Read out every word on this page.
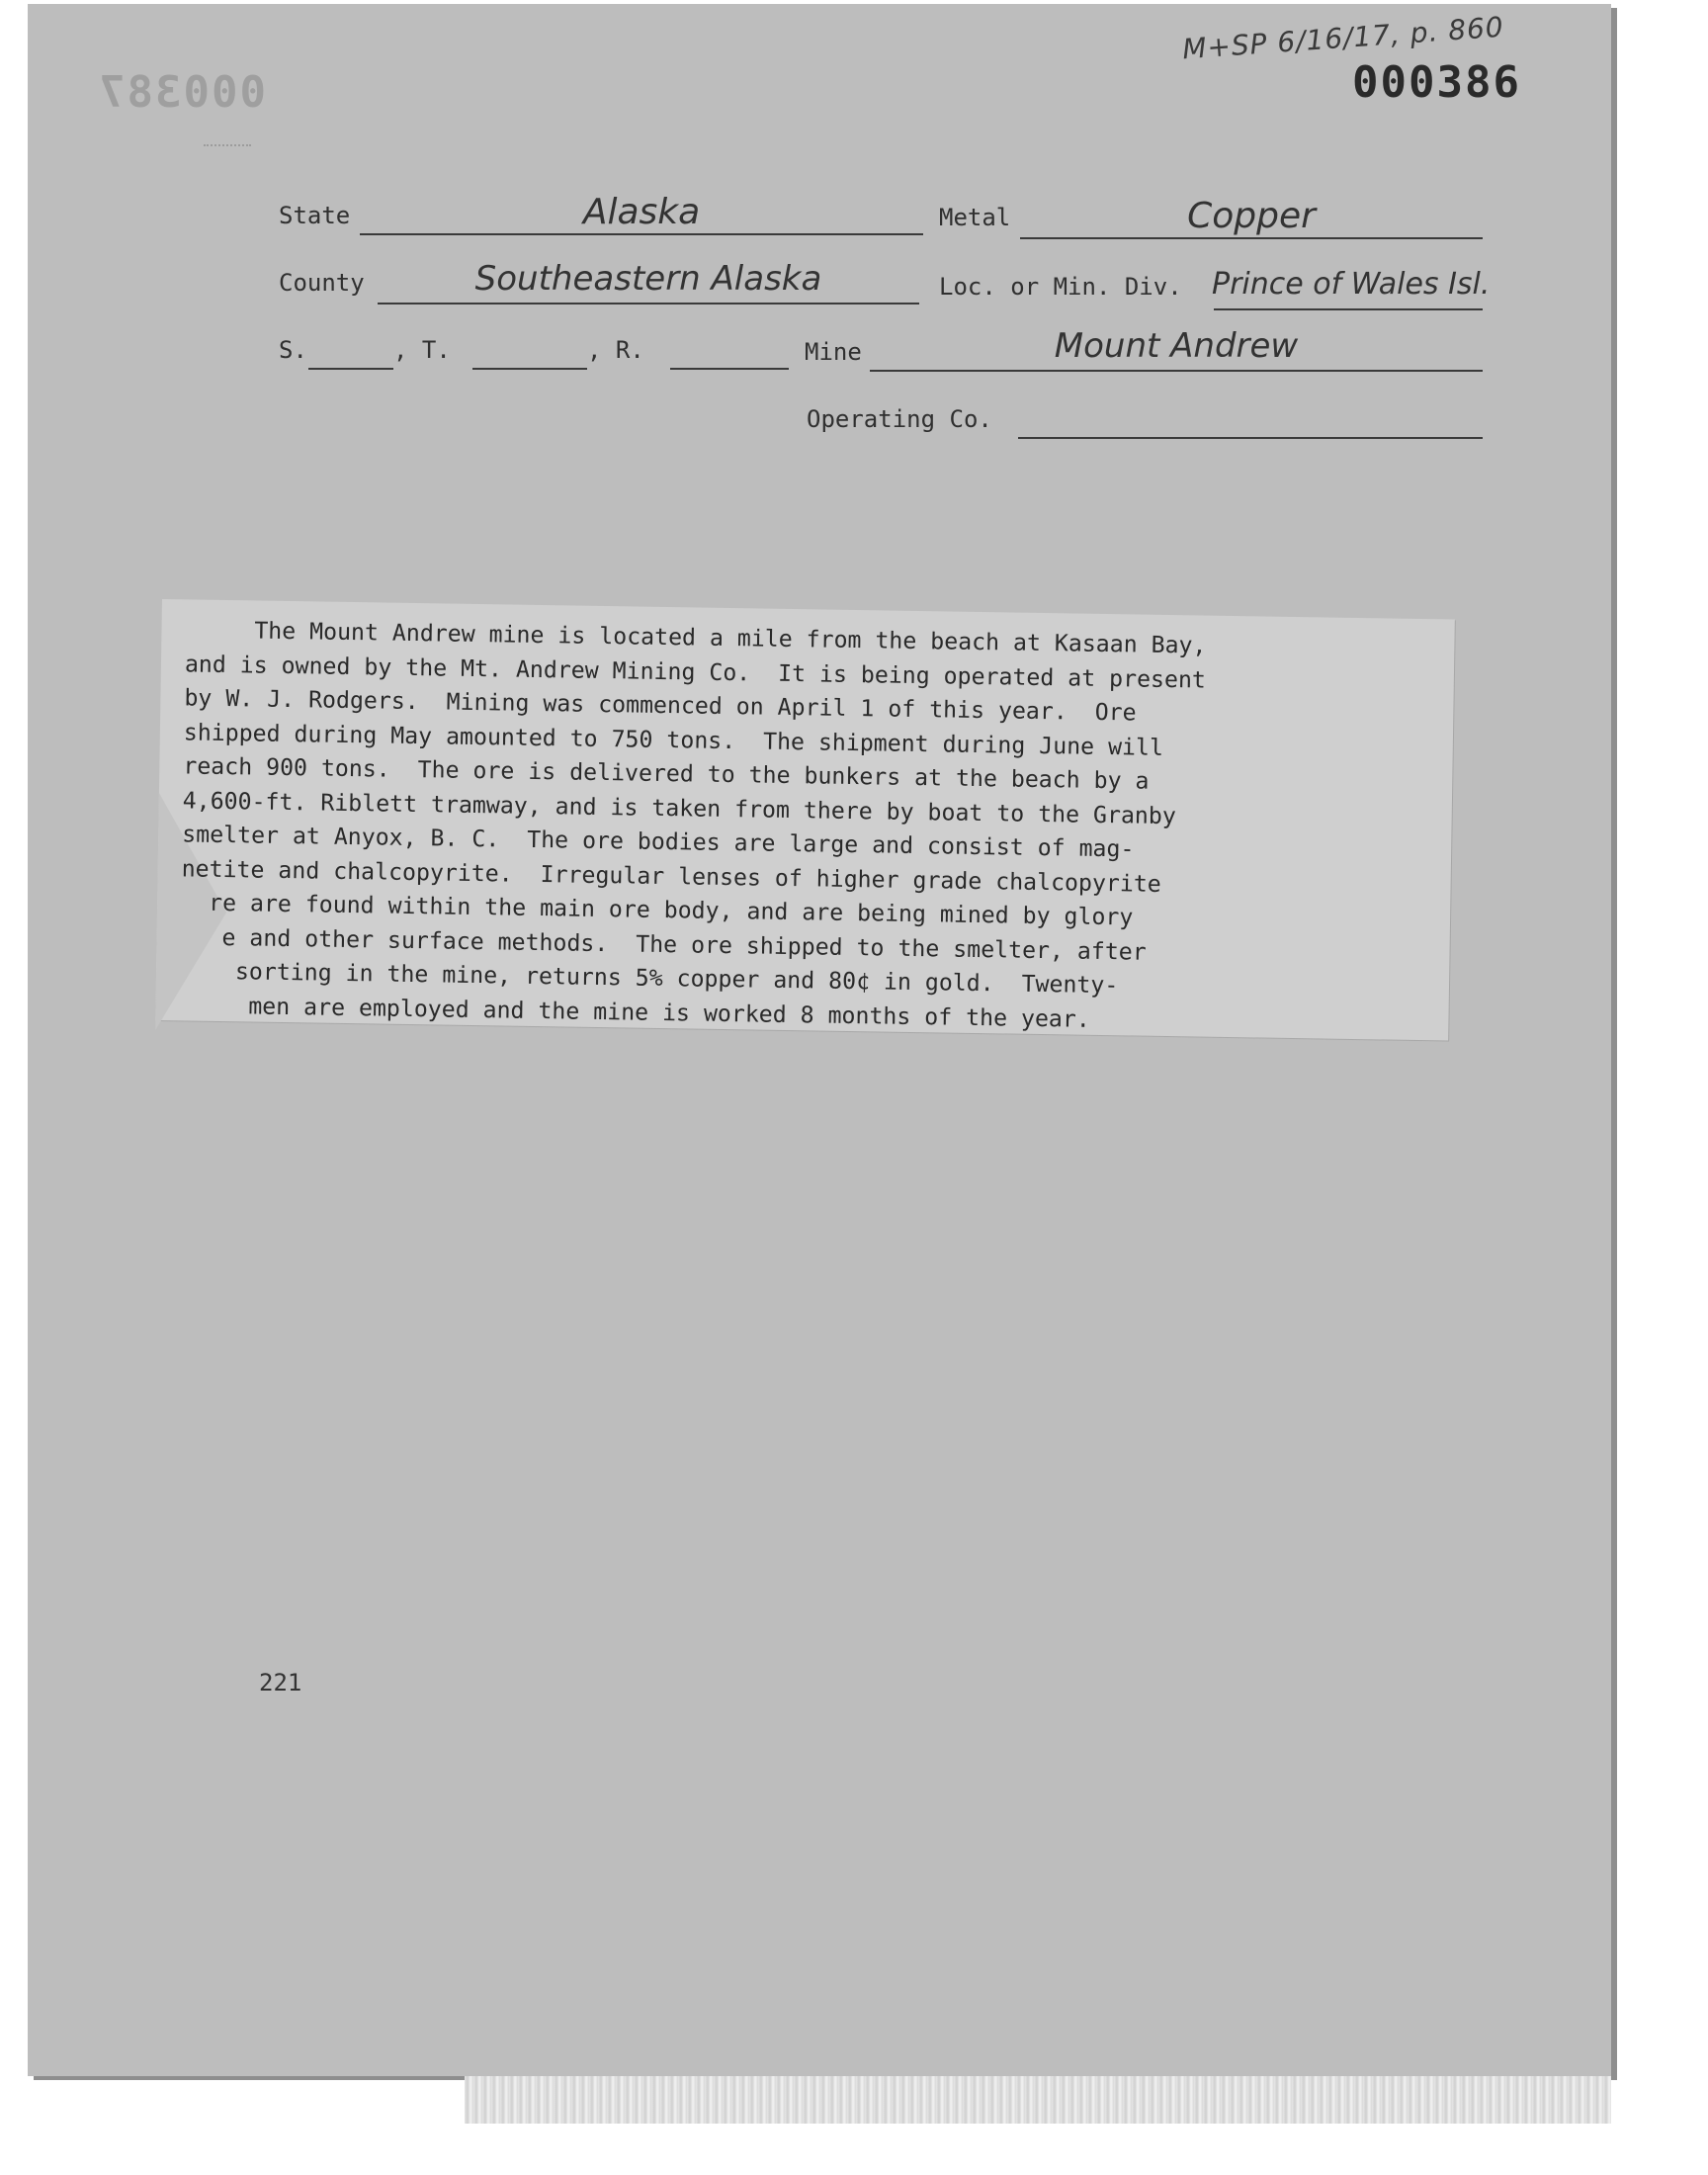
M+SP 6/16/17, p. 860
000386
000387
State	Alaska	Metal	Copper
County	Southeastern Alaska	Loc. or Min. Div. Prince of Wales Isl.
S.	, T.	, R.	Mine	Mount Andrew
Operating Co.
The Mount Andrew mine is located a mile from the beach at Kasaan Bay,
and is owned by the Mt. Andrew Mining Co.  It is being operated at present
by W. J. Rodgers.  Mining was commenced on April 1 of this year.  Ore
shipped during May amounted to 750 tons.  The shipment during June will
reach 900 tons.  The ore is delivered to the bunkers at the beach by a
4,600-ft. Riblett tramway, and is taken from there by boat to the Granby
smelter at Anyox, B. C.  The ore bodies are large and consist of mag-
netite and chalcopyrite.  Irregular lenses of higher grade chalcopyrite
re are found within the main ore body, and are being mined by glory
e and other surface methods.  The ore shipped to the smelter, after
sorting in the mine, returns 5% copper and 80¢ in gold.  Twenty-
men are employed and the mine is worked 8 months of the year.
221
